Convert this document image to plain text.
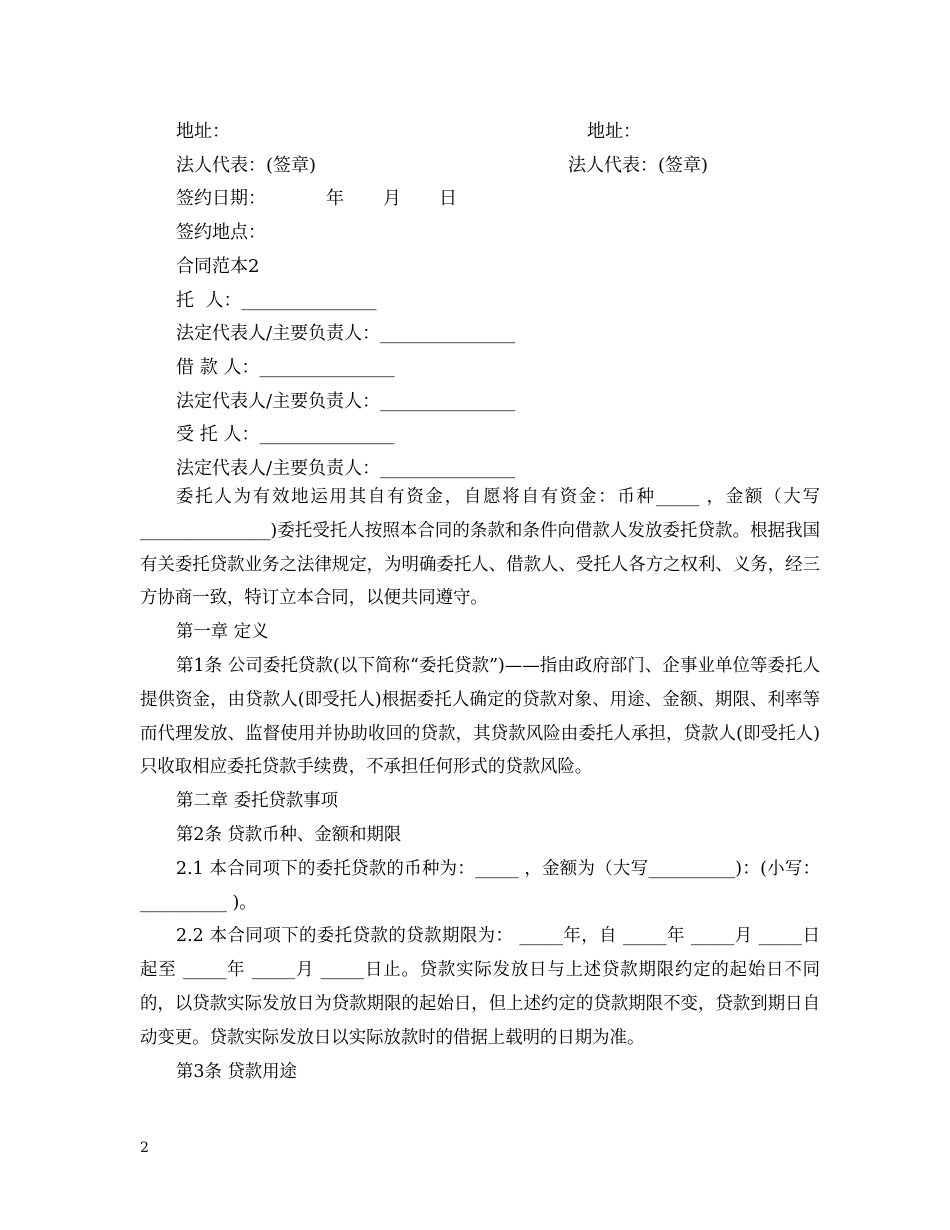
地址：	地址：
法人代表：(签章)	法人代表：(签章)
签约日期：	年 月 日
签约地点：
合同范本2
托  人：_______________
法定代表人/主要负责人：_______________
借 款 人：_______________
法定代表人/主要负责人：_______________
受 托 人：_______________
法定代表人/主要负责人：_______________

委托人为有效地运用其自有资金，自愿将自有资金：币种_____ ，金额（大写_______________)委托受托人按照本合同的条款和条件向借款人发放委托贷款。根据我国有关委托贷款业务之法律规定，为明确委托人、借款人、受托人各方之权利、义务，经三方协商一致，特订立本合同，以便共同遵守。

第一章 定义

第1条 公司委托贷款(以下简称“委托贷款”)——指由政府部门、企事业单位等委托人提供资金，由贷款人(即受托人)根据委托人确定的贷款对象、用途、金额、期限、利率等而代理发放、监督使用并协助收回的贷款，其贷款风险由委托人承担，贷款人(即受托人)只收取相应委托贷款手续费，不承担任何形式的贷款风险。

第二章 委托贷款事项

第2条 贷款币种、金额和期限

2.1 本合同项下的委托贷款的币种为：_____ ，金额为（大写__________)：(小写：__________ )。

2.2 本合同项下的委托贷款的贷款期限为： _____年，自 _____年 _____月 _____日起至 _____年 _____月 _____日止。贷款实际发放日与上述贷款期限约定的起始日不同的，以贷款实际发放日为贷款期限的起始日，但上述约定的贷款期限不变，贷款到期日自动变更。贷款实际发放日以实际放款时的借据上载明的日期为准。

第3条 贷款用途

2
